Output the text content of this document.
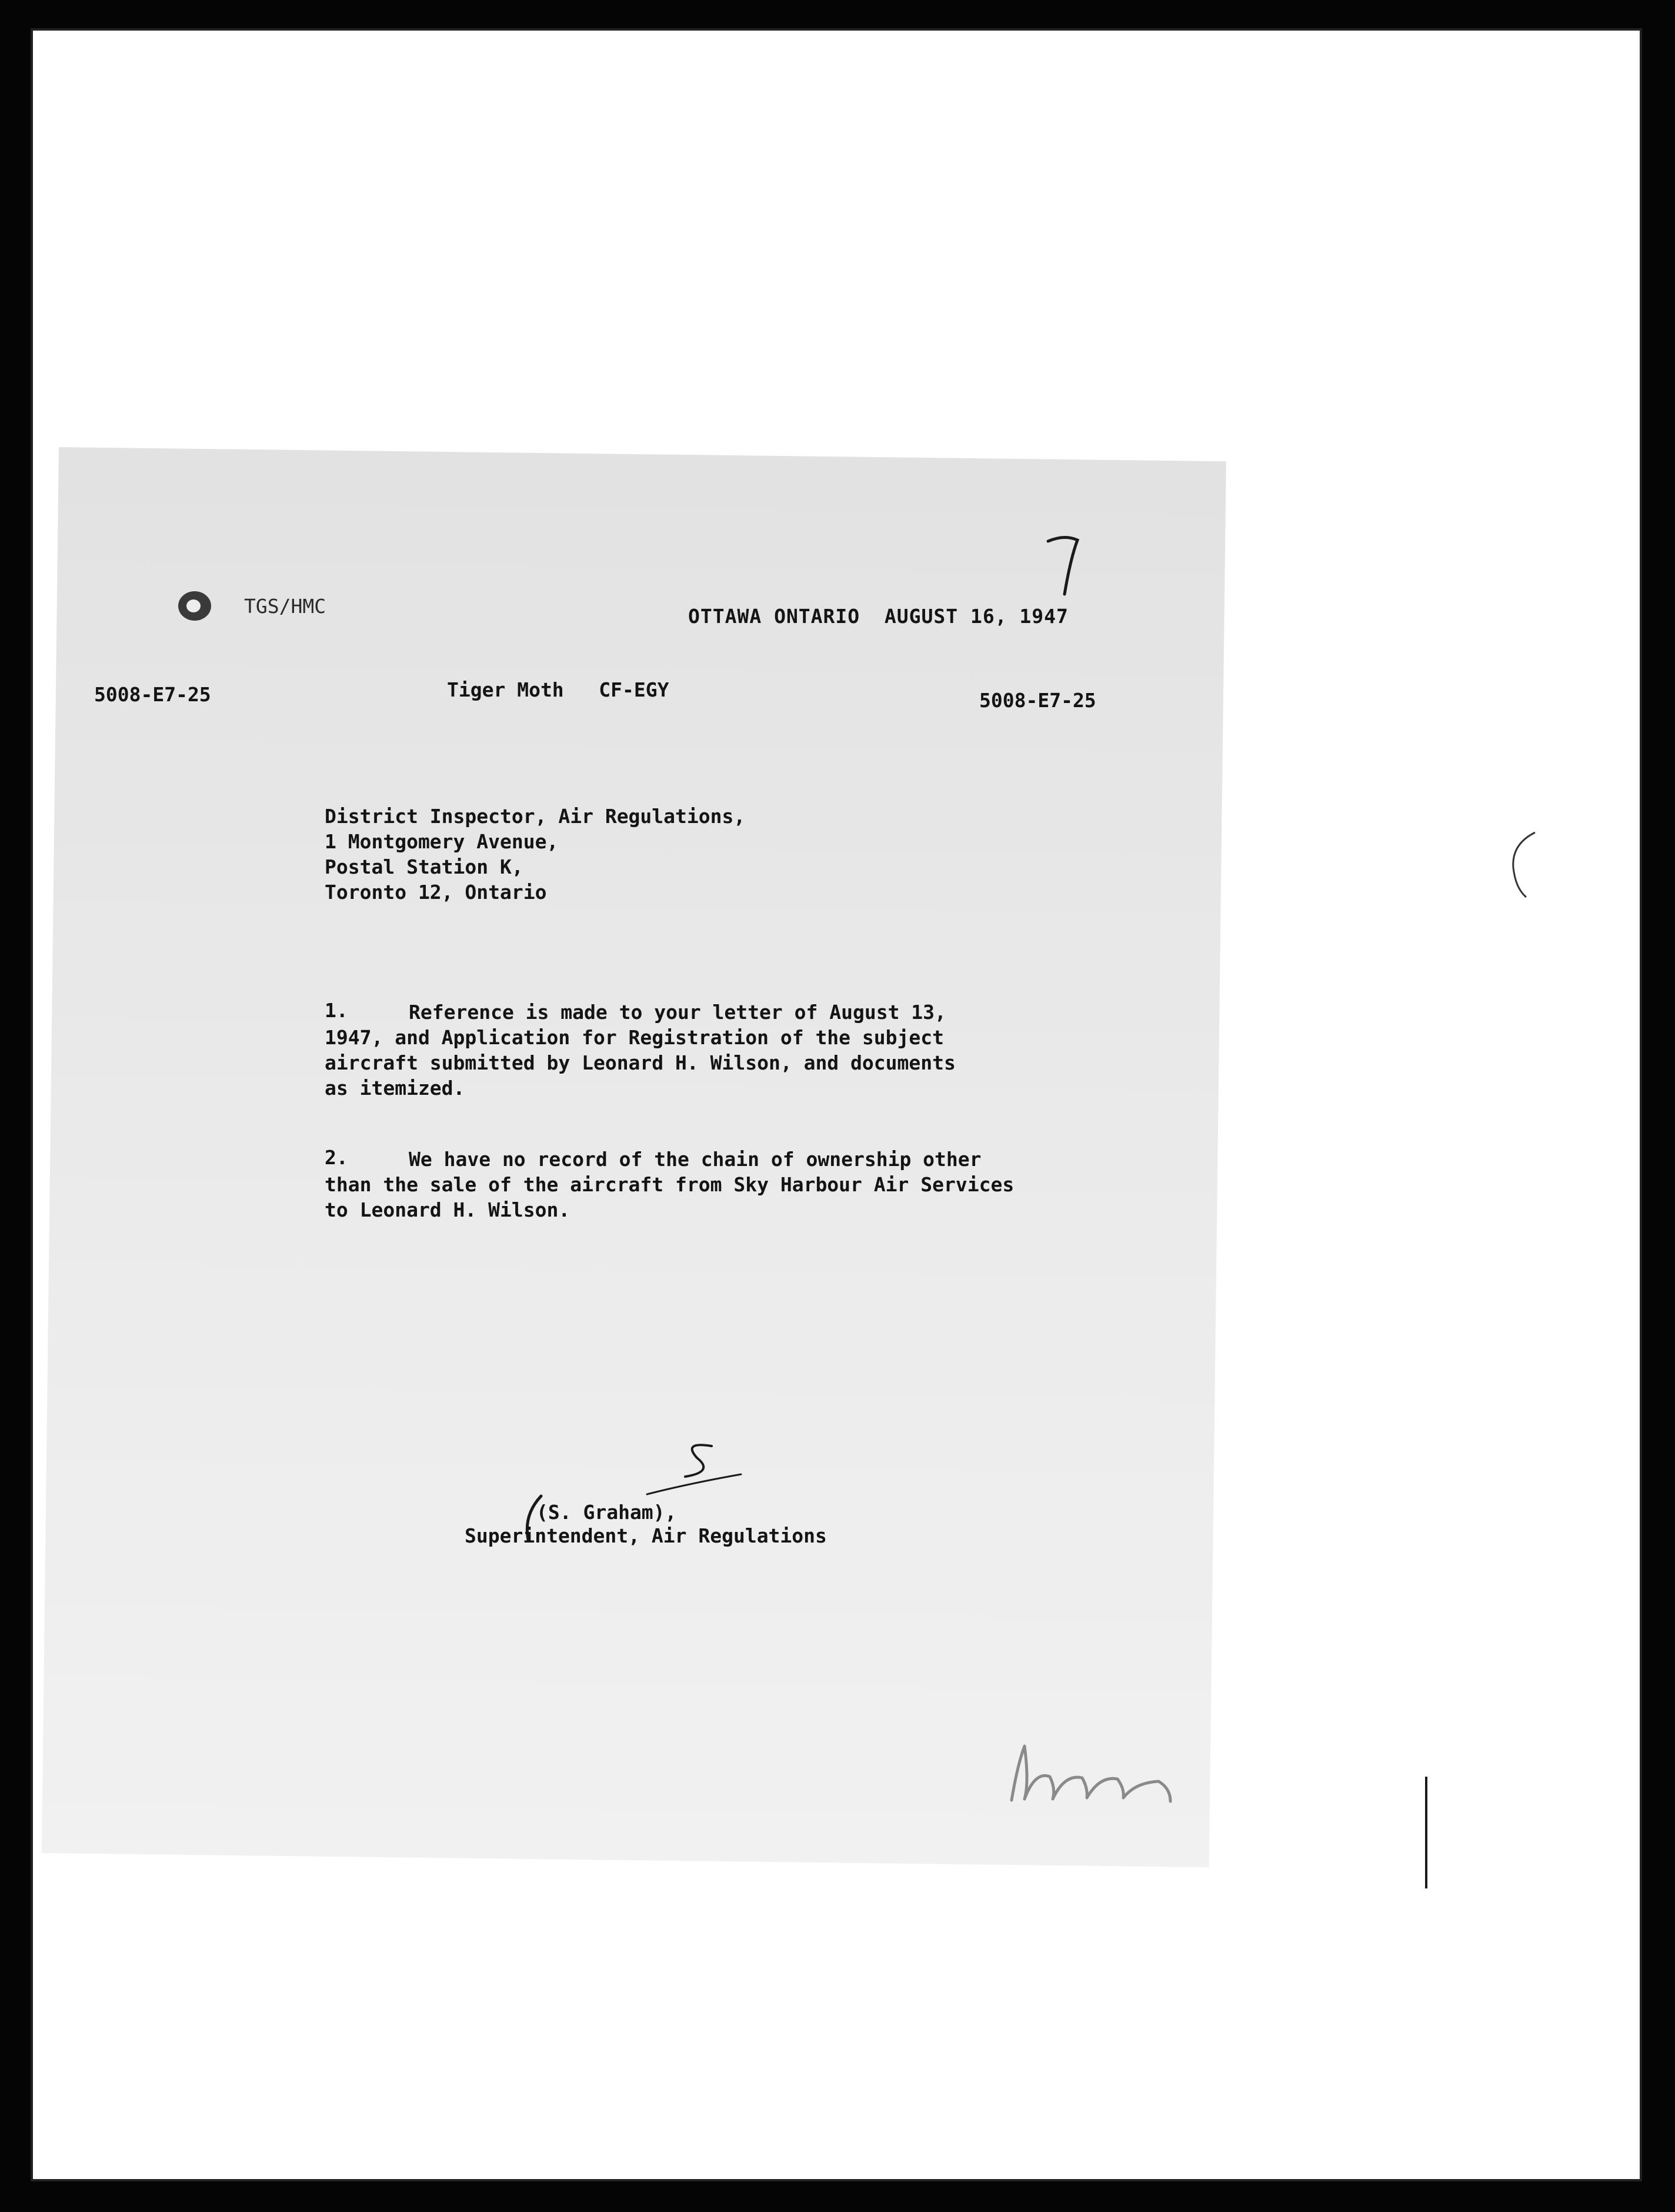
TGS/HMC	OTTAWA ONTARIO  AUGUST 16, 1947
5008-E7-25	Tiger Moth   CF-EGY	5008-E7-25
District Inspector, Air Regulations,
1 Montgomery Avenue,
Postal Station K,
Toronto 12, Ontario
1.	Reference is made to your letter of August 13,
1947, and Application for Registration of the subject
aircraft submitted by Leonard H. Wilson, and documents
as itemized.
2.	We have no record of the chain of ownership other
than the sale of the aircraft from Sky Harbour Air Services
to Leonard H. Wilson.
(S. Graham),
Superintendent, Air Regulations
